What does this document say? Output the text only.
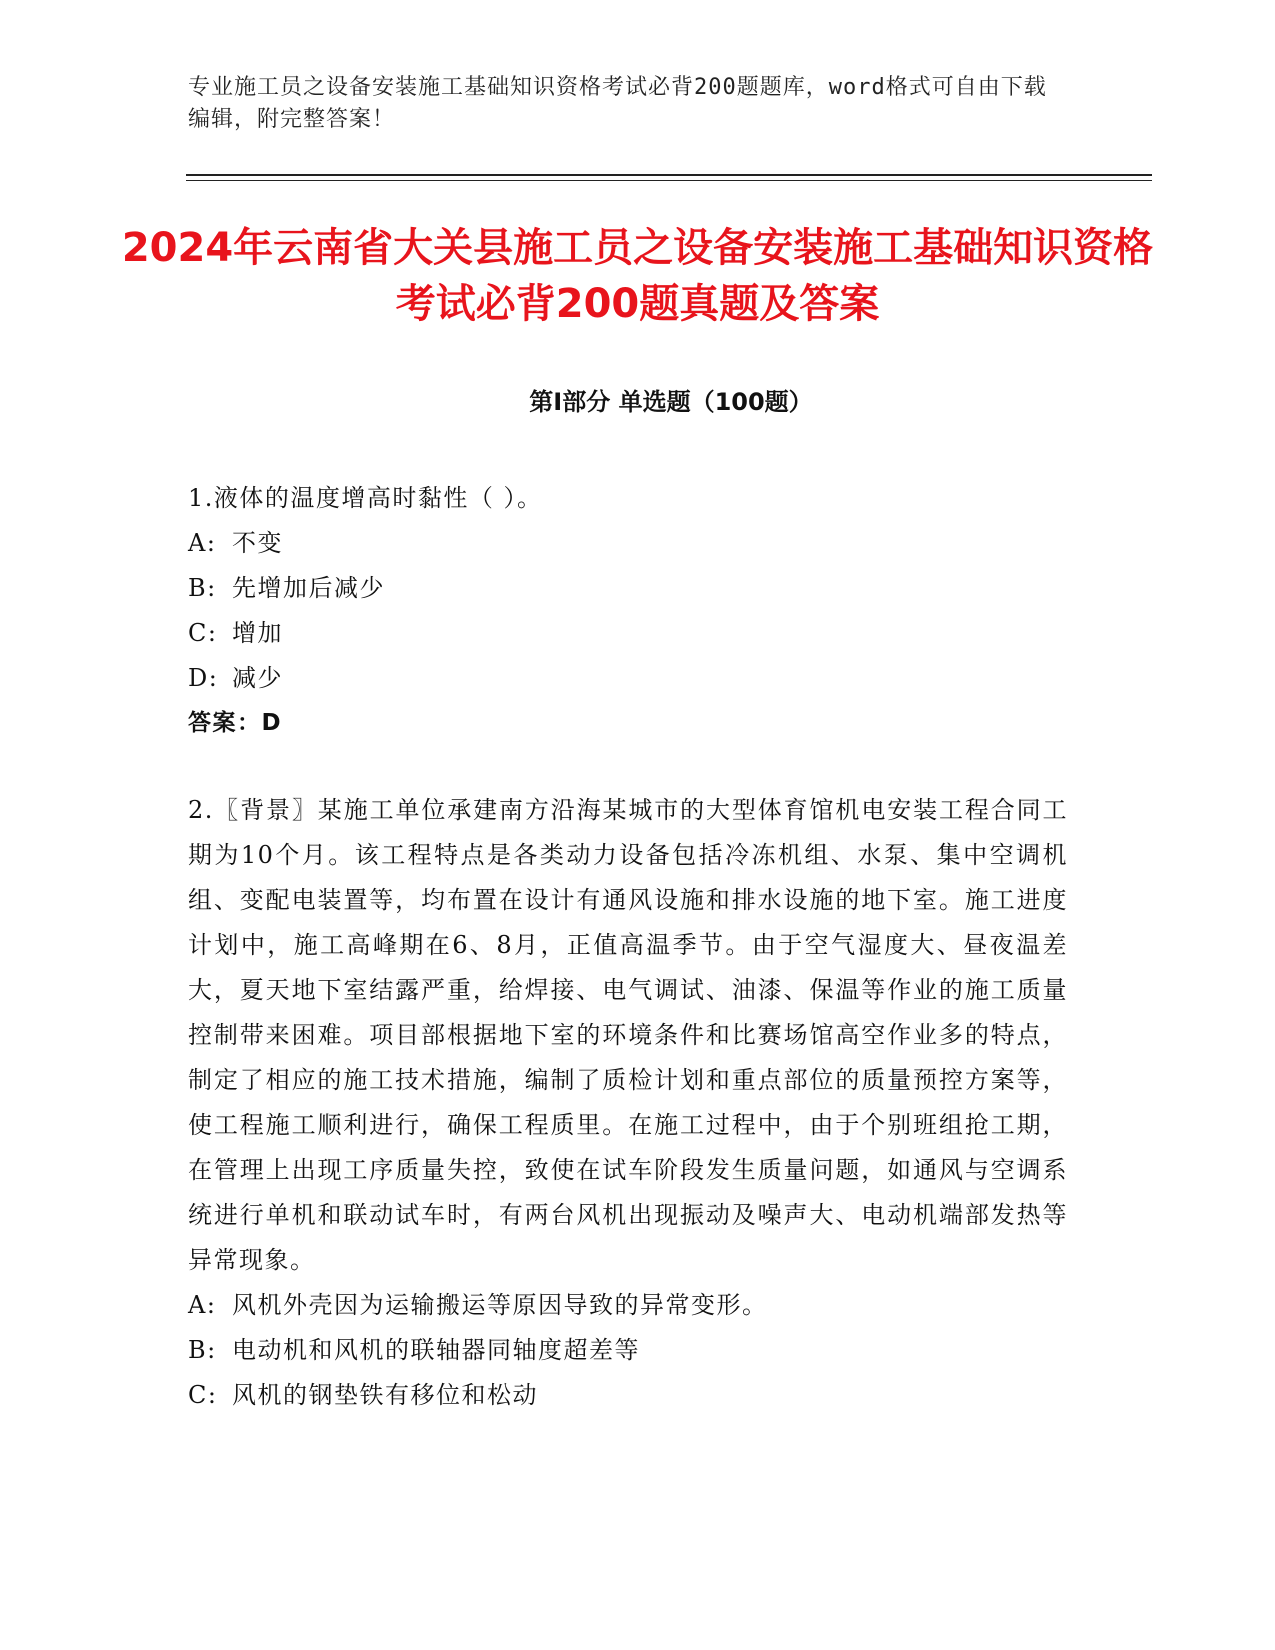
专业施工员之设备安装施工基础知识资格考试必背200题题库，word格式可自由下载编辑，附完整答案！
2024年云南省大关县施工员之设备安装施工基础知识资格考试必背200题真题及答案
第Ⅰ部分 单选题（100题）
1.液体的温度增高时黏性（ ）。
A: 不变
B: 先增加后减少
C: 增加
D: 减少
答案：D
2.〖背景〗某施工单位承建南方沿海某城市的大型体育馆机电安装工程合同工期为10个月。该工程特点是各类动力设备包括冷冻机组、水泵、集中空调机组、变配电装置等，均布置在设计有通风设施和排水设施的地下室。施工进度计划中，施工高峰期在6、8月，正值高温季节。由于空气湿度大、昼夜温差大，夏天地下室结露严重，给焊接、电气调试、油漆、保温等作业的施工质量控制带来困难。项目部根据地下室的环境条件和比赛场馆高空作业多的特点，制定了相应的施工技术措施，编制了质检计划和重点部位的质量预控方案等，使工程施工顺利进行，确保工程质里。在施工过程中，由于个别班组抢工期，在管理上出现工序质量失控，致使在试车阶段发生质量问题，如通风与空调系统进行单机和联动试车时，有两台风机出现振动及噪声大、电动机端部发热等异常现象。
A: 风机外壳因为运输搬运等原因导致的异常变形。
B: 电动机和风机的联轴器同轴度超差等
C: 风机的钢垫铁有移位和松动
